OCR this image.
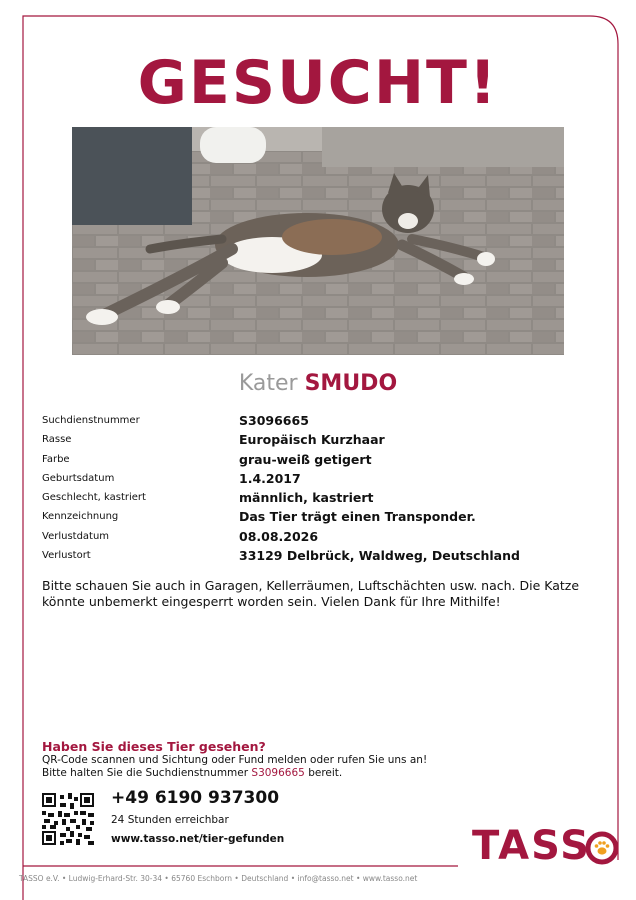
GESUCHT!
Kater SMUDO
Suchdienstnummer	S3096665
Rasse	Europäisch Kurzhaar
Farbe	grau-weiß getigert
Geburtsdatum	1.4.2017
Geschlecht, kastriert	männlich, kastriert
Kennzeichnung	Das Tier trägt einen Transponder.
Verlustdatum	08.08.2026
Verlustort	33129 Delbrück, Waldweg, Deutschland
Bitte schauen Sie auch in Garagen, Kellerräumen, Luftschächten usw. nach. Die Katze könnte unbemerkt eingesperrt worden sein. Vielen Dank für Ihre Mithilfe!
Haben Sie dieses Tier gesehen?
QR-Code scannen und Sichtung oder Fund melden oder rufen Sie uns an!
Bitte halten Sie die Suchdienstnummer S3096665 bereit.
+49 6190 937300
24 Stunden erreichbar
www.tasso.net/tier-gefunden	TASS
TASSO e.V. • Ludwig-Erhard-Str. 30-34 • 65760 Eschborn • Deutschland • info@tasso.net • www.tasso.net
